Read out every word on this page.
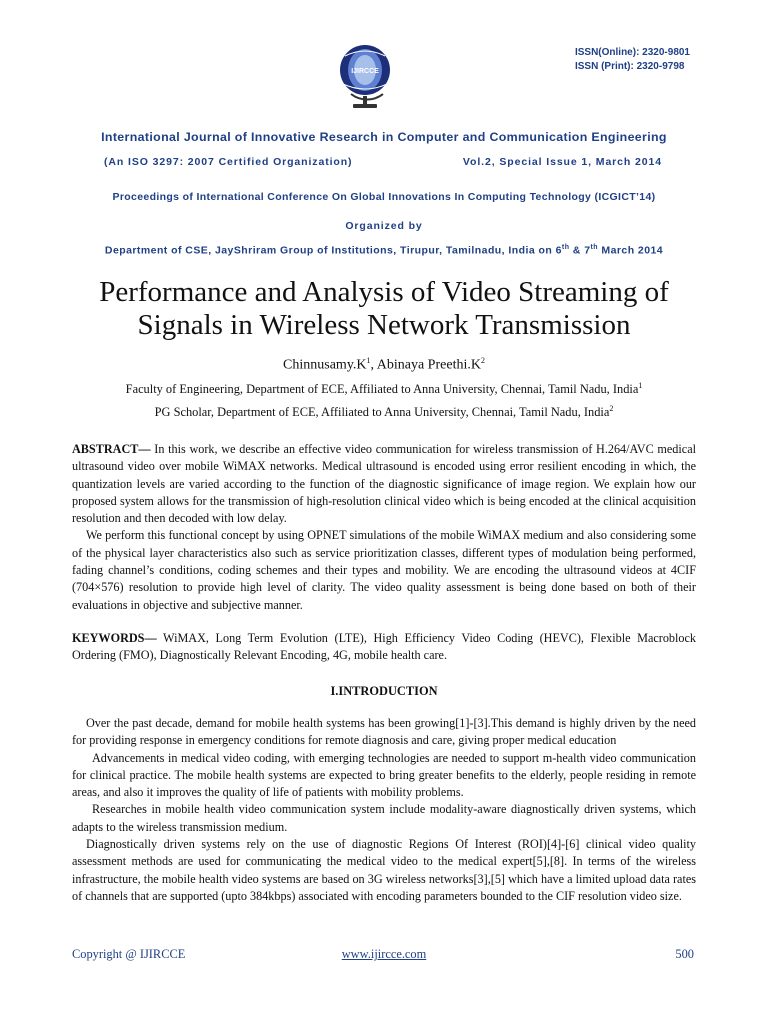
IJIRCCE
ISSN(Online): 2320-9801
ISSN (Print): 2320-9798
International Journal of Innovative Research in Computer and Communication Engineering
(An ISO 3297: 2007 Certified Organization)	Vol.2, Special Issue 1, March 2014
Proceedings of International Conference On Global Innovations In Computing Technology (ICGICT’14)
Organized by
Department of CSE, JayShriram Group of Institutions, Tirupur, Tamilnadu, India on 6th & 7th March 2014
Performance and Analysis of Video Streaming of
Signals in Wireless Network Transmission
$Chinnusamy.K^1$, Abinaya $Preethi.K^2$
Faculty of Engineering, Department of ECE, Affiliated to Anna University, Chennai, Tamil Nadu, India$^1$
PG Scholar, Department of ECE, Affiliated to Anna University, Chennai, Tamil Nadu, India$^2$

ABSTRACT— In this work, we describe an effective video communication for wireless transmission of H.264/AVC medical ultrasound video over mobile WiMAX networks. Medical ultrasound is encoded using error resilient encoding in which, the quantization levels are varied according to the function of the diagnostic significance of image region. We explain how our proposed system allows for the transmission of high-resolution clinical video which is being encoded at the clinical acquisition resolution and then decoded with low delay.

We perform this functional concept by using OPNET simulations of the mobile WiMAX medium and also considering some of the physical layer characteristics also such as service prioritization classes, different types of modulation being performed, fading channel’s conditions, coding schemes and their types and mobility. We are encoding the ultrasound videos at 4CIF (704×576) resolution to provide high level of clarity. The video quality assessment is being done based on both of their evaluations in objective and subjective manner.

KEYWORDS— WiMAX, Long Term Evolution (LTE), High Efficiency Video Coding (HEVC), Flexible Macroblock Ordering (FMO), Diagnostically Relevant Encoding, 4G, mobile health care.

I.INTRODUCTION

Over the past decade, demand for mobile health systems has been growing[1]-[3].This demand is highly driven by the need for providing response in emergency conditions for remote diagnosis and care, giving proper medical education

Advancements in medical video coding, with emerging technologies are needed to support m-health video communication for clinical practice. The mobile health systems are expected to bring greater benefits to the elderly, people residing in remote areas, and also it improves the quality of life of patients with mobility problems.

Researches in mobile health video communication system include modality-aware diagnostically driven systems, which adapts to the wireless transmission medium.

Diagnostically driven systems rely on the use of diagnostic Regions Of Interest (ROI)[4]-[6] clinical video quality assessment methods are used for communicating the medical video to the medical expert[5],[8]. In terms of the wireless infrastructure, the mobile health video systems are based on 3G wireless networks[3],[5] which have a limited upload data rates of channels that are supported (upto 384kbps) associated with encoding parameters bounded to the CIF resolution video size.

Copyright @ IJIRCCE	www.ijircce.com	500
